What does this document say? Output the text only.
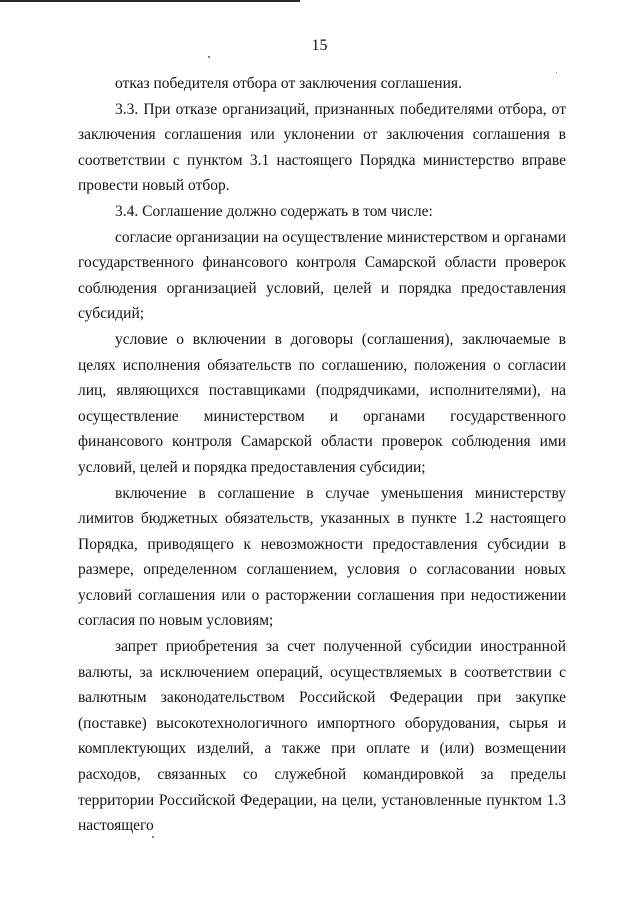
15

отказ победителя отбора от заключения соглашения.

3.3. При отказе организаций, признанных победителями отбора, от заключения соглашения или уклонении от заключения соглашения в соответствии с пунктом 3.1 настоящего Порядка министерство вправе провести новый отбор.

3.4. Соглашение должно содержать в том числе:

согласие организации на осуществление министерством и органами государственного финансового контроля Самарской области проверок соблюдения организацией условий, целей и порядка предоставления субсидий;

условие о включении в договоры (соглашения), заключаемые в целях исполнения обязательств по соглашению, положения о согласии лиц, являющихся поставщиками (подрядчиками, исполнителями), на осуществление министерством и органами государственного финансового контроля Самарской области проверок соблюдения ими условий, целей и порядка предоставления субсидии;

включение в соглашение в случае уменьшения министерству лимитов бюджетных обязательств, указанных в пункте 1.2 настоящего Порядка, приводящего к невозможности предоставления субсидии в размере, определенном соглашением, условия о согласовании новых условий соглашения или о расторжении соглашения при недостижении согласия по новым условиям;

запрет приобретения за счет полученной субсидии иностранной валюты, за исключением операций, осуществляемых в соответствии с валютным законодательством Российской Федерации при закупке (поставке) высокотехнологичного импортного оборудования, сырья и комплектующих изделий, а также при оплате и (или) возмещении расходов, связанных со служебной командировкой за пределы территории Российской Федерации, на цели, установленные пунктом 1.3 настоящего
